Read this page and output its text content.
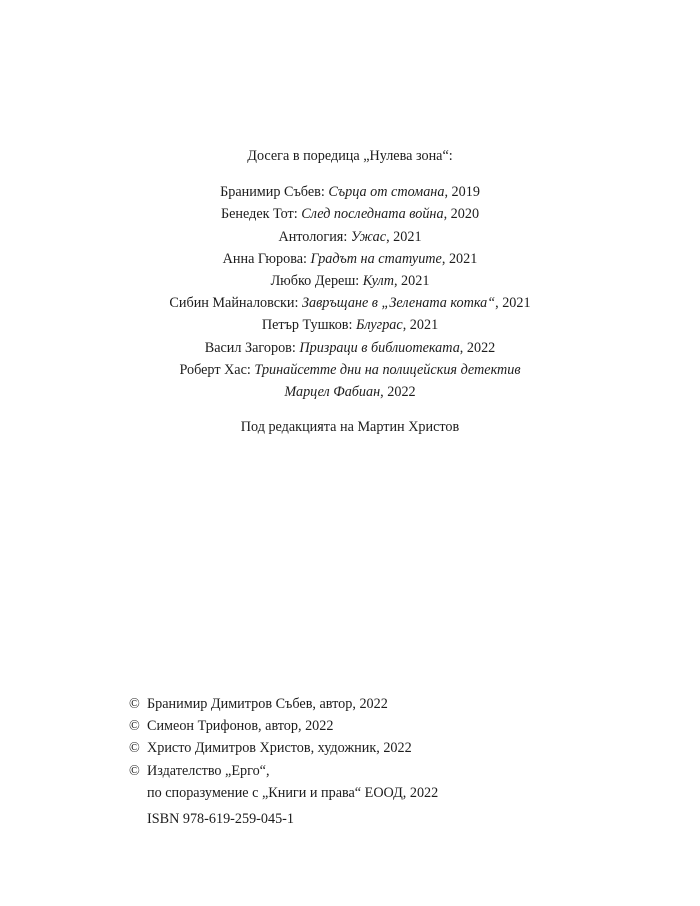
Досега в поредица „Нулева зона“:
Бранимир Събев: Сърца от стомана, 2019
Бенедек Тот: След последната война, 2020
Антология: Ужас, 2021
Анна Гюрова: Градът на статуите, 2021
Любко Дереш: Култ, 2021
Сибин Майналовски: Завръщане в „Зелената котка“, 2021
Петър Тушков: Блуграс, 2021
Васил Загоров: Призраци в библиотеката, 2022
Роберт Хас: Тринайсетте дни на полицейския детектив
Марцел Фабиан, 2022
Под редакцията на Мартин Христов
© Бранимир Димитров Събев, автор, 2022
© Симеон Трифонов, автор, 2022
© Христо Димитров Христов, художник, 2022
© Издателство „Ерго“,
по споразумение с „Книги и права“ ЕООД, 2022
ISBN 978-619-259-045-1
